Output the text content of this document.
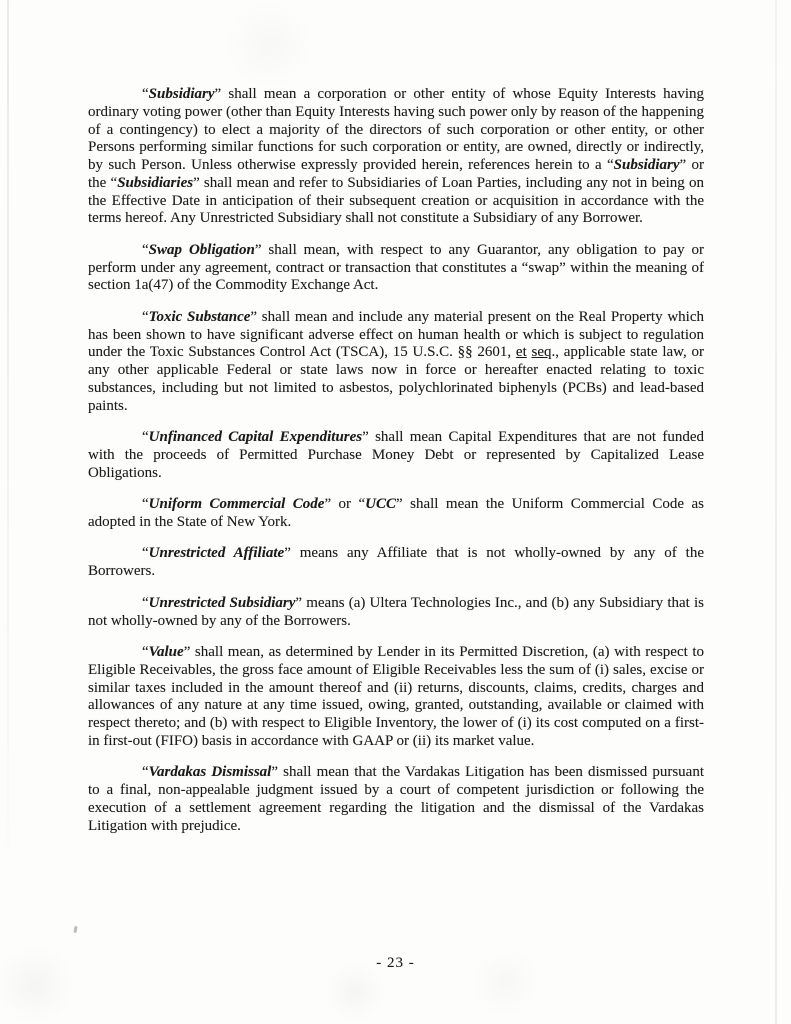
“Subsidiary” shall mean a corporation or other entity of whose Equity Interests having ordinary voting power (other than Equity Interests having such power only by reason of the happening of a contingency) to elect a majority of the directors of such corporation or other entity, or other Persons performing similar functions for such corporation or entity, are owned, directly or indirectly, by such Person. Unless otherwise expressly provided herein, references herein to a “Subsidiary” or the “Subsidiaries” shall mean and refer to Subsidiaries of Loan Parties, including any not in being on the Effective Date in anticipation of their subsequent creation or acquisition in accordance with the terms hereof. Any Unrestricted Subsidiary shall not constitute a Subsidiary of any Borrower.

“Swap Obligation” shall mean, with respect to any Guarantor, any obligation to pay or perform under any agreement, contract or transaction that constitutes a “swap” within the meaning of section 1a(47) of the Commodity Exchange Act.

“Toxic Substance” shall mean and include any material present on the Real Property which has been shown to have significant adverse effect on human health or which is subject to regulation under the Toxic Substances Control Act (TSCA), 15 U.S.C. §§ 2601, et seq., applicable state law, or any other applicable Federal or state laws now in force or hereafter enacted relating to toxic substances, including but not limited to asbestos, polychlorinated biphenyls (PCBs) and lead-based paints.

“Unfinanced Capital Expenditures” shall mean Capital Expenditures that are not funded with the proceeds of Permitted Purchase Money Debt or represented by Capitalized Lease Obligations.

“Uniform Commercial Code” or “UCC” shall mean the Uniform Commercial Code as adopted in the State of New York.

“Unrestricted Affiliate” means any Affiliate that is not wholly-owned by any of the Borrowers.

“Unrestricted Subsidiary” means (a) Ultera Technologies Inc., and (b) any Subsidiary that is not wholly-owned by any of the Borrowers.

“Value” shall mean, as determined by Lender in its Permitted Discretion, (a) with respect to Eligible Receivables, the gross face amount of Eligible Receivables less the sum of (i) sales, excise or similar taxes included in the amount thereof and (ii) returns, discounts, claims, credits, charges and allowances of any nature at any time issued, owing, granted, outstanding, available or claimed with respect thereto; and (b) with respect to Eligible Inventory, the lower of (i) its cost computed on a first-in first-out (FIFO) basis in accordance with GAAP or (ii) its market value.

“Vardakas Dismissal” shall mean that the Vardakas Litigation has been dismissed pursuant to a final, non-appealable judgment issued by a court of competent jurisdiction or following the execution of a settlement agreement regarding the litigation and the dismissal of the Vardakas Litigation with prejudice.

- 23 -
